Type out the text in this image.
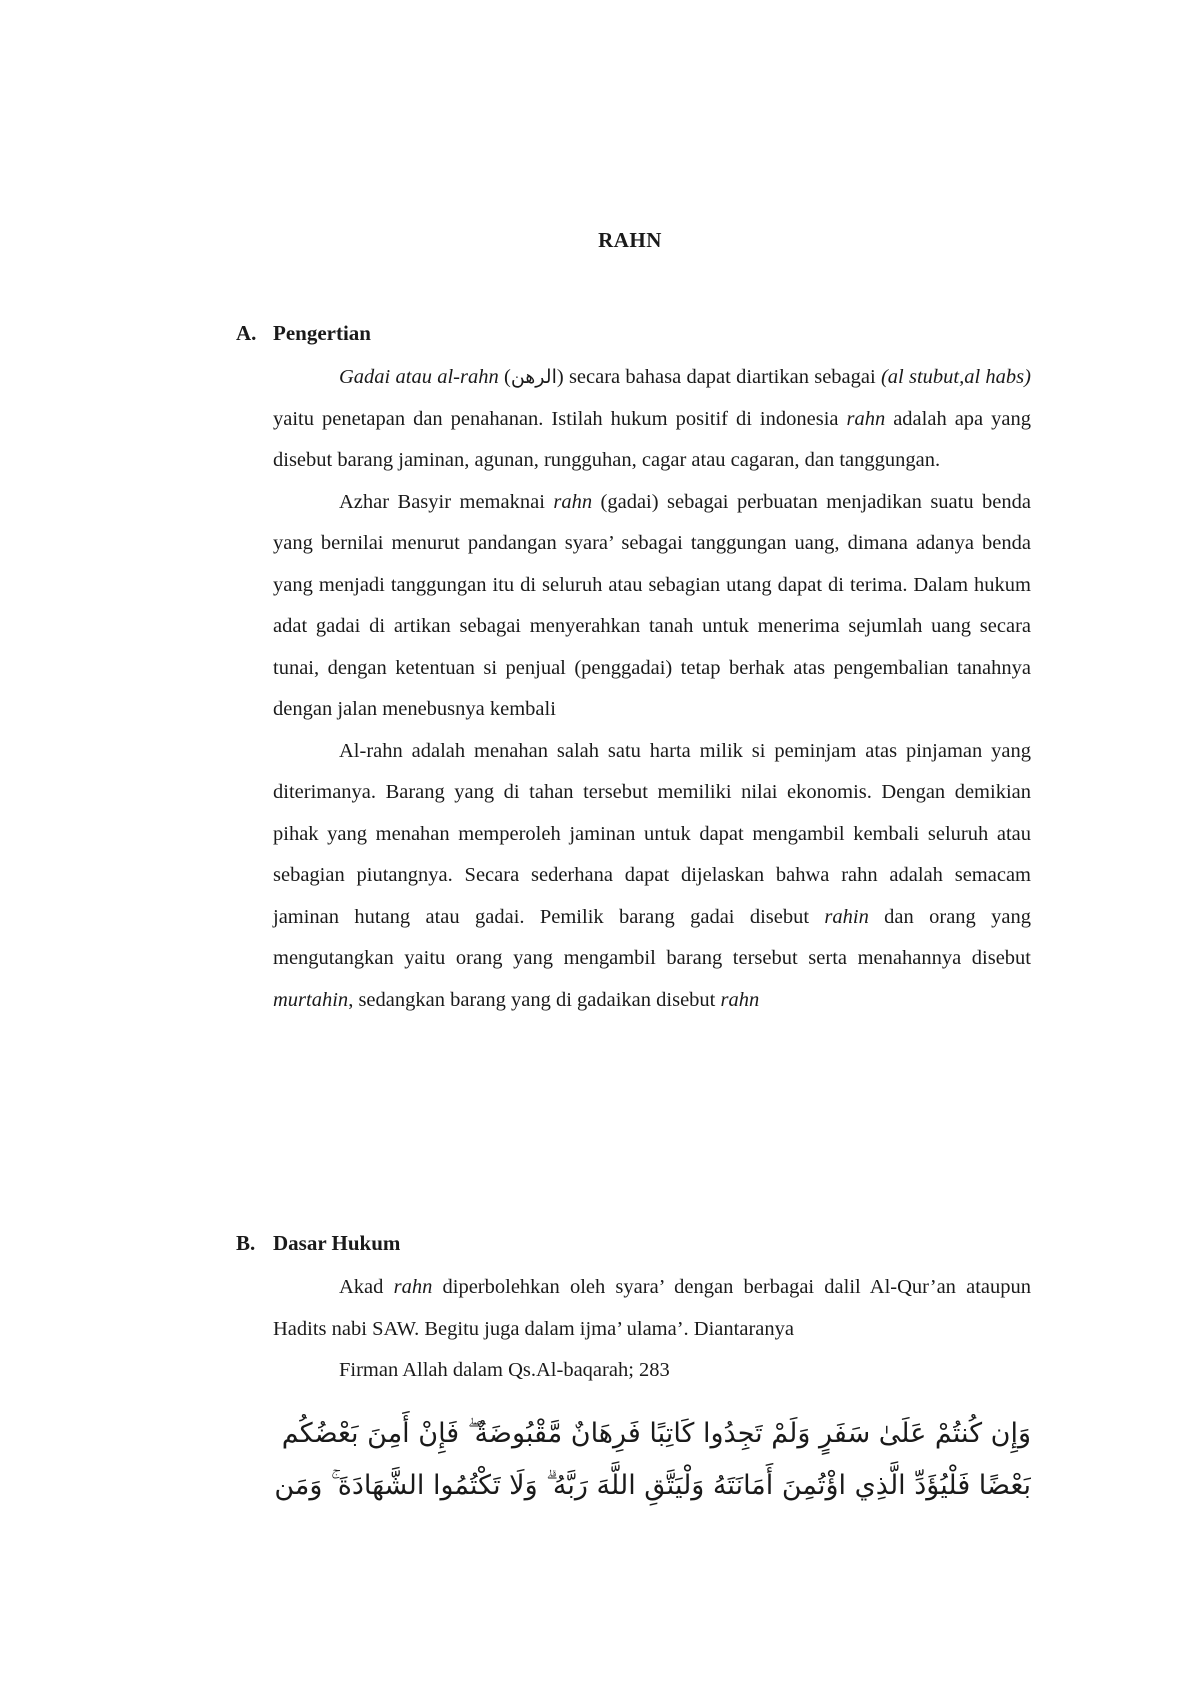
RAHN
A. Pengertian

Gadai atau al-rahn (الرهن) secara bahasa dapat diartikan sebagai (al stubut,al habs) yaitu penetapan dan penahanan. Istilah hukum positif di indonesia rahn adalah apa yang disebut barang jaminan, agunan, rungguhan, cagar atau cagaran, dan tanggungan.

Azhar Basyir memaknai rahn (gadai) sebagai perbuatan menjadikan suatu benda yang bernilai menurut pandangan syara’ sebagai tanggungan uang, dimana adanya benda yang menjadi tanggungan itu di seluruh atau sebagian utang dapat di terima. Dalam hukum adat gadai di artikan sebagai menyerahkan tanah untuk menerima sejumlah uang secara tunai, dengan ketentuan si penjual (penggadai) tetap berhak atas pengembalian tanahnya dengan jalan menebusnya kembali

Al-rahn adalah menahan salah satu harta milik si peminjam atas pinjaman yang diterimanya. Barang yang di tahan tersebut memiliki nilai ekonomis. Dengan demikian pihak yang menahan memperoleh jaminan untuk dapat mengambil kembali seluruh atau sebagian piutangnya. Secara sederhana dapat dijelaskan bahwa rahn adalah semacam jaminan hutang atau gadai. Pemilik barang gadai disebut rahin dan orang yang mengutangkan yaitu orang yang mengambil barang tersebut serta menahannya disebut murtahin, sedangkan barang yang di gadaikan disebut rahn

B. Dasar Hukum

Akad rahn diperbolehkan oleh syara’ dengan berbagai dalil Al-Qur’an ataupun Hadits nabi SAW. Begitu juga dalam ijma’ ulama’. Diantaranya

Firman Allah dalam Qs.Al-baqarah; 283

وَإِن كُنتُمْ عَلَىٰ سَفَرٍ وَلَمْ تَجِدُوا كَاتِبًا فَرِهَانٌ مَّقْبُوضَةٌ ۖ فَإِنْ أَمِنَ بَعْضُكُم
بَعْضًا فَلْيُؤَدِّ الَّذِي اؤْتُمِنَ أَمَانَتَهُ وَلْيَتَّقِ اللَّهَ رَبَّهُ ۗ وَلَا تَكْتُمُوا الشَّهَادَةَ ۚ وَمَن
